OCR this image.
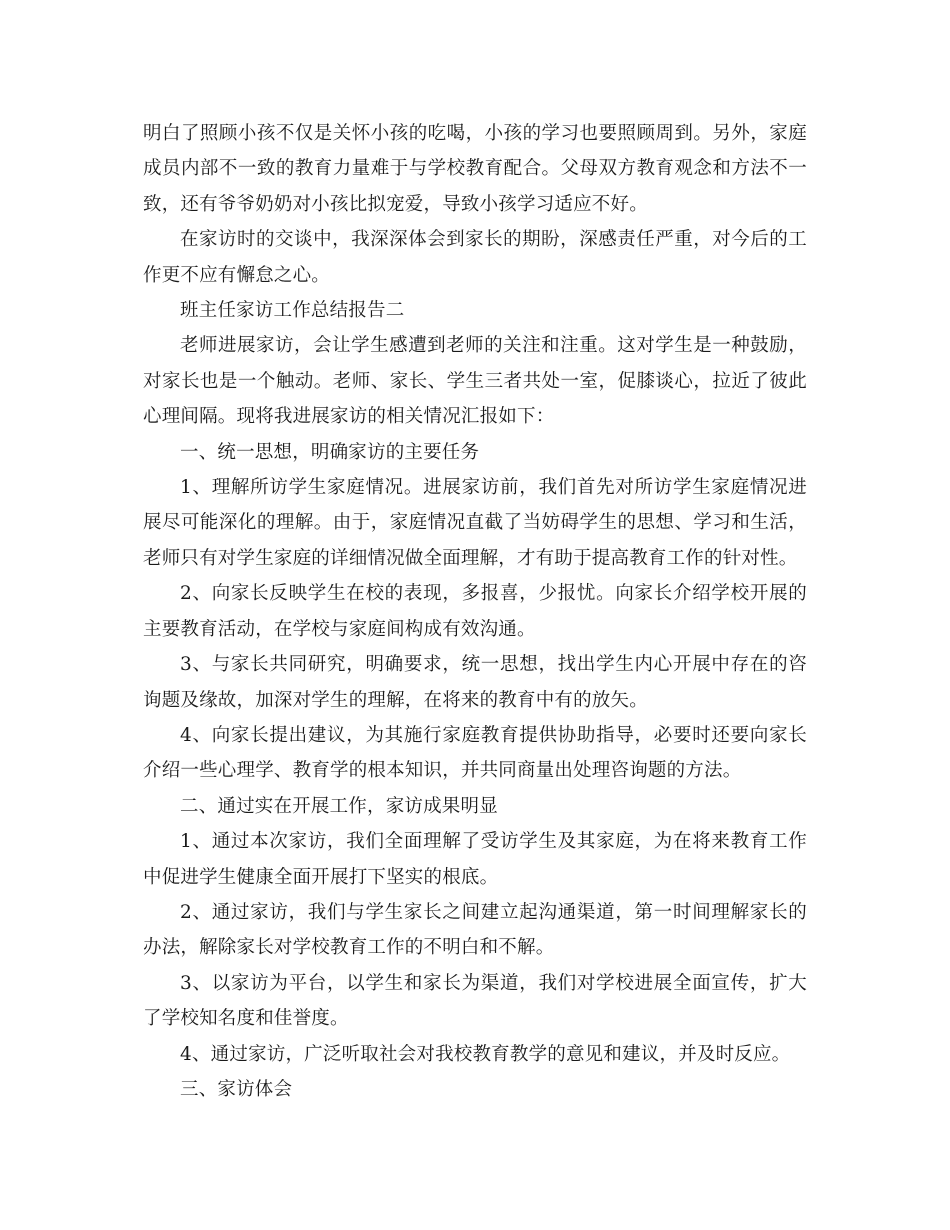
明白了照顾小孩不仅是关怀小孩的吃喝，小孩的学习也要照顾周到。另外，家庭成员内部不一致的教育力量难于与学校教育配合。父母双方教育观念和方法不一致，还有爷爷奶奶对小孩比拟宠爱，导致小孩学习适应不好。

在家访时的交谈中，我深深体会到家长的期盼，深感责任严重，对今后的工作更不应有懈怠之心。

班主任家访工作总结报告二

老师进展家访，会让学生感遭到老师的关注和注重。这对学生是一种鼓励，对家长也是一个触动。老师、家长、学生三者共处一室，促膝谈心，拉近了彼此心理间隔。现将我进展家访的相关情况汇报如下：

一、统一思想，明确家访的主要任务

1、理解所访学生家庭情况。进展家访前，我们首先对所访学生家庭情况进展尽可能深化的理解。由于，家庭情况直截了当妨碍学生的思想、学习和生活，老师只有对学生家庭的详细情况做全面理解，才有助于提高教育工作的针对性。

2、向家长反映学生在校的表现，多报喜，少报忧。向家长介绍学校开展的主要教育活动，在学校与家庭间构成有效沟通。

3、与家长共同研究，明确要求，统一思想，找出学生内心开展中存在的咨询题及缘故，加深对学生的理解，在将来的教育中有的放矢。

4、向家长提出建议，为其施行家庭教育提供协助指导，必要时还要向家长介绍一些心理学、教育学的根本知识，并共同商量出处理咨询题的方法。

二、通过实在开展工作，家访成果明显

1、通过本次家访，我们全面理解了受访学生及其家庭，为在将来教育工作中促进学生健康全面开展打下坚实的根底。

2、通过家访，我们与学生家长之间建立起沟通渠道，第一时间理解家长的办法，解除家长对学校教育工作的不明白和不解。

3、以家访为平台，以学生和家长为渠道，我们对学校进展全面宣传，扩大了学校知名度和佳誉度。

4、通过家访，广泛听取社会对我校教育教学的意见和建议，并及时反应。

三、家访体会
